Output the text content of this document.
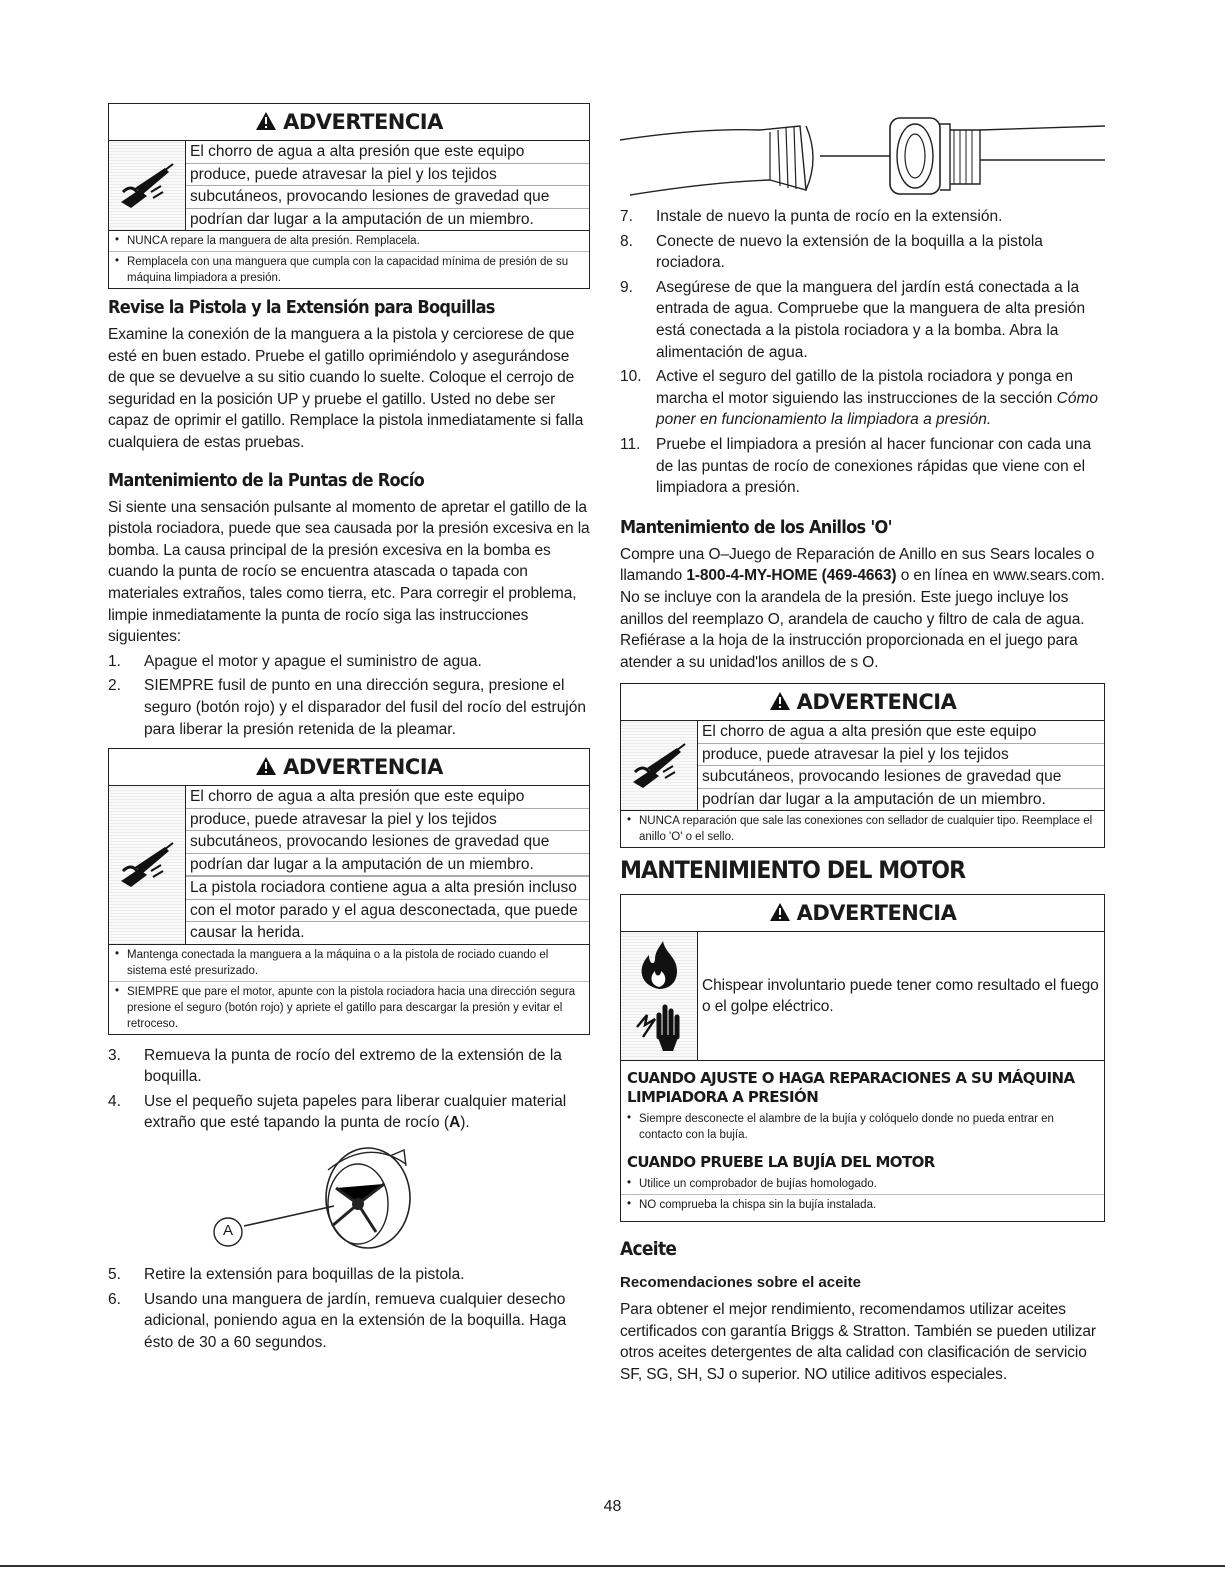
ADVERTENCIA

El chorro de agua a alta presión que este equipo

produce, puede atravesar la piel y los tejidos

subcutáneos, provocando lesiones de gravedad que

podrían dar lugar a la amputación de un miembro.

• NUNCA repare la manguera de alta presión. Remplacela.
• Remplacela con una manguera que cumpla con la capacidad mínima de presión de su máquina limpiadora a presión.
Revise la Pistola y la Extensión para Boquillas

Examine la conexión de la manguera a la pistola y cerciorese de que esté en buen estado. Pruebe el gatillo oprimiéndolo y asegurándose de que se devuelve a su sitio cuando lo suelte. Coloque el cerrojo de seguridad en la posición UP y pruebe el gatillo. Usted no debe ser capaz de oprimir el gatillo. Remplace la pistola inmediatamente si falla cualquiera de estas pruebas.

Mantenimiento de la Puntas de Rocío

Si siente una sensación pulsante al momento de apretar el gatillo de la pistola rociadora, puede que sea causada por la presión excesiva en la bomba. La causa principal de la presión excesiva en la bomba es cuando la punta de rocío se encuentra atascada o tapada con materiales extraños, tales como tierra, etc. Para corregir el problema, limpie inmediatamente la punta de rocío siga las instrucciones siguientes:

1.	Apague el motor y apague el suministro de agua.
2.	SIEMPRE fusil de punto en una dirección segura, presione el seguro (botón rojo) y el disparador del fusil del rocío del estrujón para liberar la presión retenida de la pleamar.
ADVERTENCIA

El chorro de agua a alta presión que este equipo

produce, puede atravesar la piel y los tejidos

subcutáneos, provocando lesiones de gravedad que

podrían dar lugar a la amputación de un miembro.

La pistola rociadora contiene agua a alta presión incluso

con el motor parado y el agua desconectada, que puede

causar la herida.

• Mantenga conectada la manguera a la máquina o a la pistola de rociado cuando el sistema esté presurizado.
• SIEMPRE que pare el motor, apunte con la pistola rociadora hacia una dirección segura presione el seguro (botón rojo) y apriete el gatillo para descargar la presión y evitar el retroceso.
3.	Remueva la punta de rocío del extremo de la extensión de la boquilla.
4.	Use el pequeño sujeta papeles para liberar cualquier material extraño que esté tapando la punta de rocío (A).
A
5.	Retire la extensión para boquillas de la pistola.
6.	Usando una manguera de jardín, remueva cualquier desecho adicional, poniendo agua en la extensión de la boquilla. Haga ésto de 30 a 60 segundos.
7.	Instale de nuevo la punta de rocío en la extensión.
8.	Conecte de nuevo la extensión de la boquilla a la pistola rociadora.
9.	Asegúrese de que la manguera del jardín está conectada a la entrada de agua. Compruebe que la manguera de alta presión está conectada a la pistola rociadora y a la bomba. Abra la alimentación de agua.
10. Active el seguro del gatillo de la pistola rociadora y ponga en marcha el motor siguiendo las instrucciones de la sección Cómo poner en funcionamiento la limpiadora a presión.
11.	Pruebe el limpiadora a presión al hacer funcionar con cada una de las puntas de rocío de conexiones rápidas que viene con el limpiadora a presión.
Mantenimiento de los Anillos 'O'

Compre una O–Juego de Reparación de Anillo en sus Sears locales o llamando 1-800-4-MY-HOME (469-4663) o en línea en www.sears.com. No se incluye con la arandela de la presión. Este juego incluye los anillos del reemplazo O, arandela de caucho y filtro de cala de agua. Refiérase a la hoja de la instrucción proporcionada en el juego para atender a su unidad'los anillos de s O.

ADVERTENCIA

El chorro de agua a alta presión que este equipo

produce, puede atravesar la piel y los tejidos

subcutáneos, provocando lesiones de gravedad que

podrían dar lugar a la amputación de un miembro.

• NUNCA reparación que sale las conexiones con sellador de cualquier tipo. Reemplace el anillo 'O' o el sello.
MANTENIMIENTO DEL MOTOR
ADVERTENCIA

Chispear involuntario puede tener como resultado el fuego o el golpe eléctrico.

CUANDO AJUSTE O HAGA REPARACIONES A SU MÁQUINA LIMPIADORA A PRESIÓN
• Siempre desconecte el alambre de la bujía y colóquelo donde no pueda entrar en contacto con la bujía.
CUANDO PRUEBE LA BUJÍA DEL MOTOR
• Utilice un comprobador de bujías homologado.
• NO comprueba la chispa sin la bujía instalada.
Aceite
Recomendaciones sobre el aceite

Para obtener el mejor rendimiento, recomendamos utilizar aceites certificados con garantía Briggs & Stratton. También se pueden utilizar otros aceites detergentes de alta calidad con clasificación de servicio SF, SG, SH, SJ o superior. NO utilice aditivos especiales.

48
